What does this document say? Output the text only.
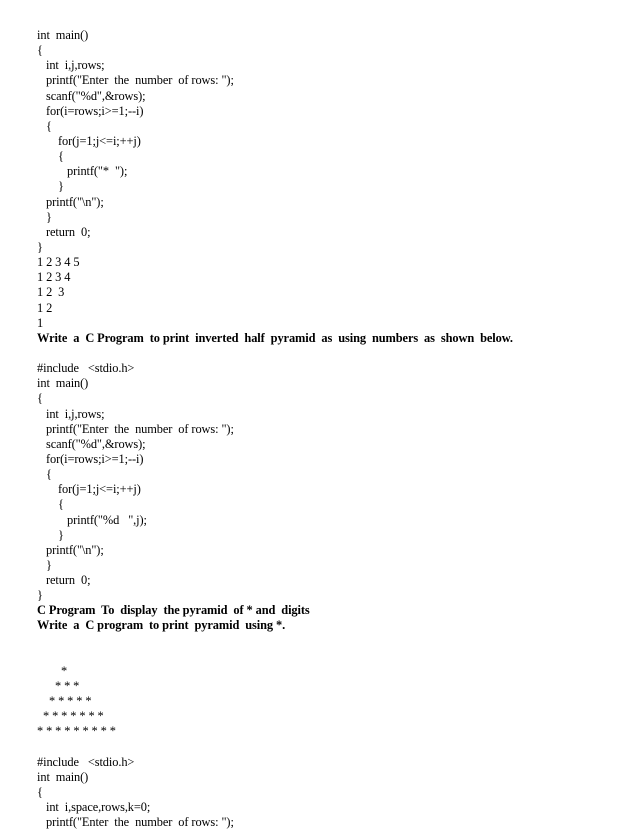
int  main()
{
int  i,j,rows;
printf("Enter  the  number  of rows: ");
scanf("%d",&rows);
for(i=rows;i>=1;--i)
{
for(j=1;j<=i;++j)
{
printf("*  ");
}
printf("\n");
}
return  0;
}
1 2 3 4 5
1 2 3 4
1 2  3
1 2
1
Write  a  C Program  to print  inverted  half  pyramid  as  using  numbers  as  shown  below.
#include   <stdio.h>
int  main()
{
int  i,j,rows;
printf("Enter  the  number  of rows: ");
scanf("%d",&rows);
for(i=rows;i>=1;--i)
{
for(j=1;j<=i;++j)
{
printf("%d   ",j);
}
printf("\n");
}
return  0;
}
C Program  To  display  the pyramid  of * and  digits
Write  a  C program  to print  pyramid  using *.
*
* * *
* * * * *
* * * * * * *
* * * * * * * * *
#include   <stdio.h>
int  main()
{
int  i,space,rows,k=0;
printf("Enter  the  number  of rows: ");
